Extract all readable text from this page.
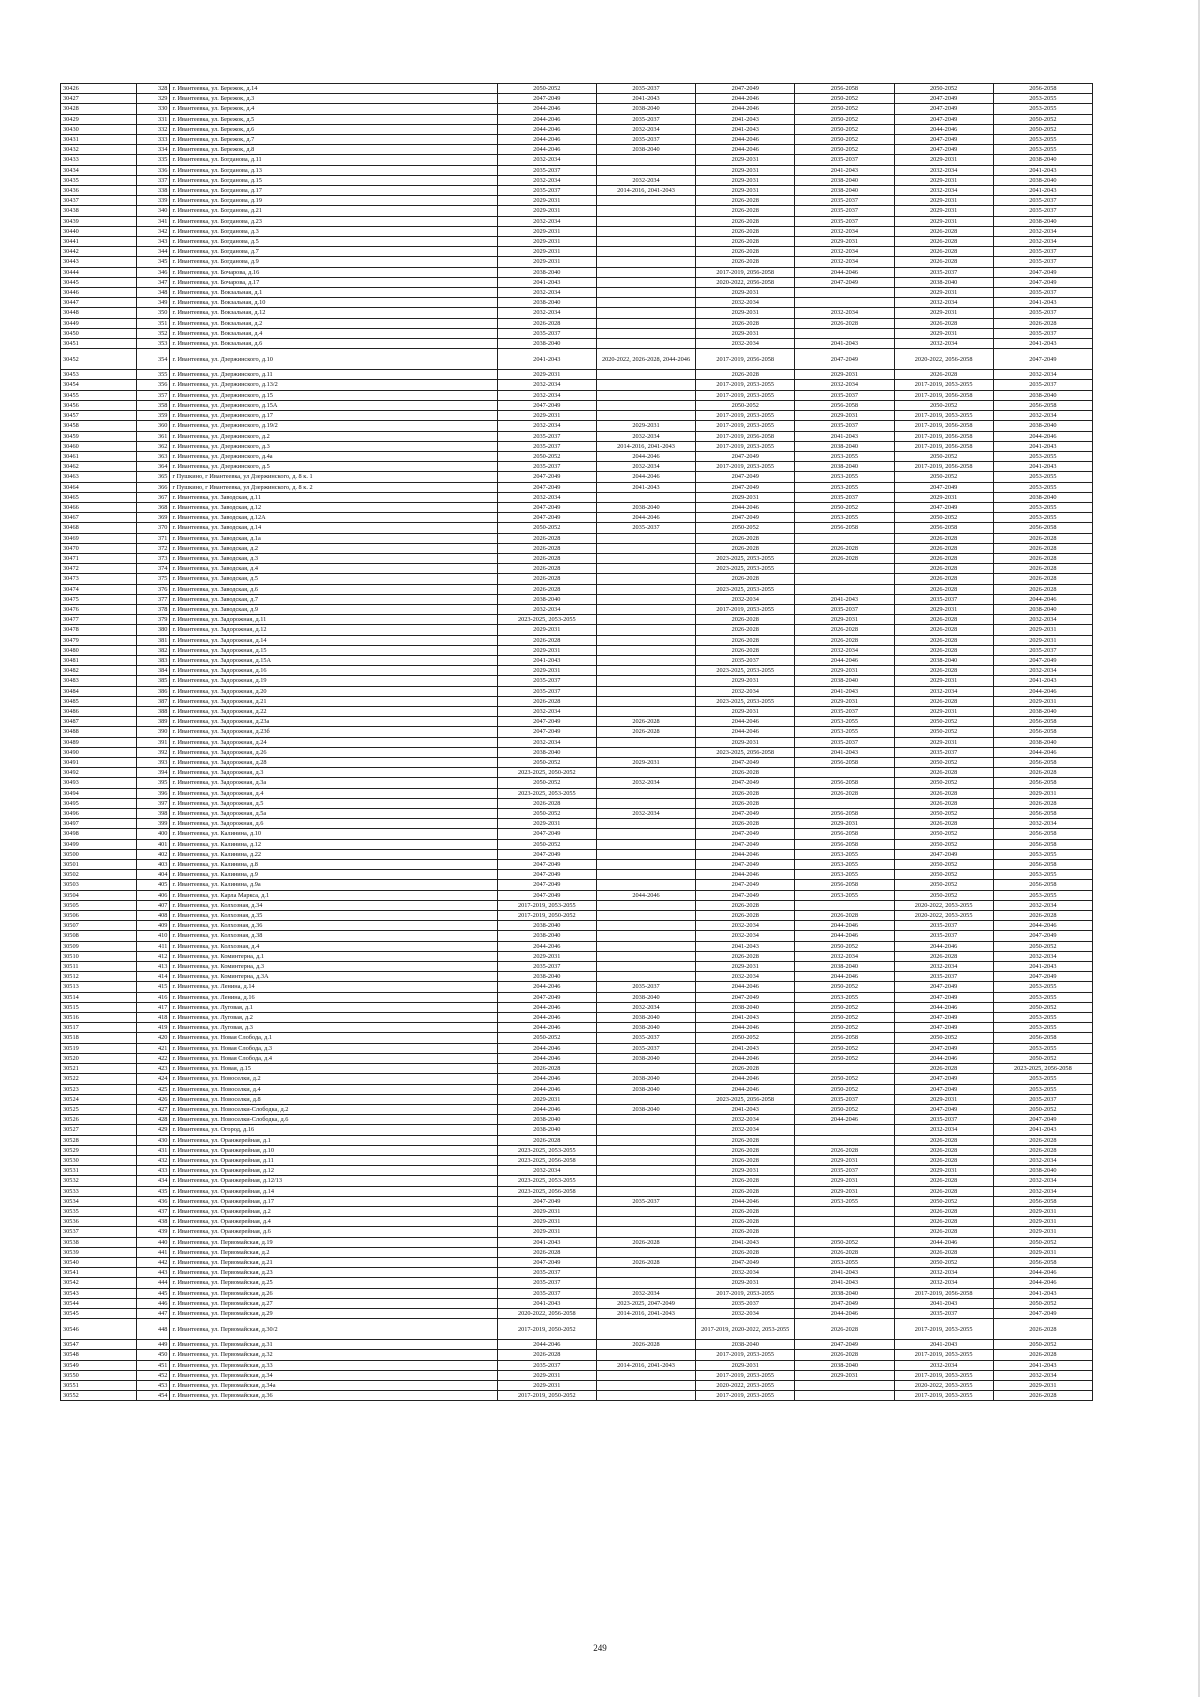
30426	328	г. Ивантеевка, ул. Бережок, д.14	2050-2052	2035-2037	2047-2049	2056-2058	2050-2052	2056-2058
30427	329	г. Ивантеевка, ул. Бережок, д.3	2047-2049	2041-2043	2044-2046	2050-2052	2047-2049	2053-2055
30428	330	г. Ивантеевка, ул. Бережок, д.4	2044-2046	2038-2040	2044-2046	2050-2052	2047-2049	2053-2055
30429	331	г. Ивантеевка, ул. Бережок, д.5	2044-2046	2035-2037	2041-2043	2050-2052	2047-2049	2050-2052
30430	332	г. Ивантеевка, ул. Бережок, д.6	2044-2046	2032-2034	2041-2043	2050-2052	2044-2046	2050-2052
30431	333	г. Ивантеевка, ул. Бережок, д.7	2044-2046	2035-2037	2044-2046	2050-2052	2047-2049	2053-2055
30432	334	г. Ивантеевка, ул. Бережок, д.8	2044-2046	2038-2040	2044-2046	2050-2052	2047-2049	2053-2055
30433	335	г. Ивантеевка, ул. Богданова, д.11	2032-2034		2029-2031	2035-2037	2029-2031	2038-2040
30434	336	г. Ивантеевка, ул. Богданова, д.13	2035-2037		2029-2031	2041-2043	2032-2034	2041-2043
30435	337	г. Ивантеевка, ул. Богданова, д.15	2032-2034	2032-2034	2029-2031	2038-2040	2029-2031	2038-2040
30436	338	г. Ивантеевка, ул. Богданова, д.17	2035-2037	2014-2016, 2041-2043	2029-2031	2038-2040	2032-2034	2041-2043
30437	339	г. Ивантеевка, ул. Богданова, д.19	2029-2031		2026-2028	2035-2037	2029-2031	2035-2037
30438	340	г. Ивантеевка, ул. Богданова, д.21	2029-2031		2026-2028	2035-2037	2029-2031	2035-2037
30439	341	г. Ивантеевка, ул. Богданова, д.23	2032-2034		2026-2028	2035-2037	2029-2031	2038-2040
30440	342	г. Ивантеевка, ул. Богданова, д.3	2029-2031		2026-2028	2032-2034	2026-2028	2032-2034
30441	343	г. Ивантеевка, ул. Богданова, д.5	2029-2031		2026-2028	2029-2031	2026-2028	2032-2034
30442	344	г. Ивантеевка, ул. Богданова, д.7	2029-2031		2026-2028	2032-2034	2026-2028	2035-2037
30443	345	г. Ивантеевка, ул. Богданова, д.9	2029-2031		2026-2028	2032-2034	2026-2028	2035-2037
30444	346	г. Ивантеевка, ул. Бочарова, д.16	2038-2040		2017-2019, 2056-2058	2044-2046	2035-2037	2047-2049
30445	347	г. Ивантеевка, ул. Бочарова, д.17	2041-2043		2020-2022, 2056-2058	2047-2049	2038-2040	2047-2049
30446	348	г. Ивантеевка, ул. Вокзальная, д.1	2032-2034		2029-2031		2029-2031	2035-2037
30447	349	г. Ивантеевка, ул. Вокзальная, д.10	2038-2040		2032-2034		2032-2034	2041-2043
30448	350	г. Ивантеевка, ул. Вокзальная, д.12	2032-2034		2029-2031	2032-2034	2029-2031	2035-2037
30449	351	г. Ивантеевка, ул. Вокзальная, д.2	2026-2028		2026-2028	2026-2028	2026-2028	2026-2028
30450	352	г. Ивантеевка, ул. Вокзальная, д.4	2035-2037		2029-2031		2029-2031	2035-2037
30451	353	г. Ивантеевка, ул. Вокзальная, д.6	2038-2040		2032-2034	2041-2043	2032-2034	2041-2043
30452	354	г. Ивантеевка, ул. Дзержинского, д.10	2041-2043	2020-2022, 2026-2028, 2044-2046	2017-2019, 2056-2058	2047-2049	2020-2022, 2056-2058	2047-2049
30453	355	г. Ивантеевка, ул. Дзержинского, д.11	2029-2031		2026-2028	2029-2031	2026-2028	2032-2034
30454	356	г. Ивантеевка, ул. Дзержинского, д.13/2	2032-2034		2017-2019, 2053-2055	2032-2034	2017-2019, 2053-2055	2035-2037
30455	357	г. Ивантеевка, ул. Дзержинского, д.15	2032-2034		2017-2019, 2053-2055	2035-2037	2017-2019, 2056-2058	2038-2040
30456	358	г. Ивантеевка, ул. Дзержинского, д.15А	2047-2049		2050-2052	2056-2058	2050-2052	2056-2058
30457	359	г. Ивантеевка, ул. Дзержинского, д.17	2029-2031		2017-2019, 2053-2055	2029-2031	2017-2019, 2053-2055	2032-2034
30458	360	г. Ивантеевка, ул. Дзержинского, д.19/2	2032-2034	2029-2031	2017-2019, 2053-2055	2035-2037	2017-2019, 2056-2058	2038-2040
30459	361	г. Ивантеевка, ул. Дзержинского, д.2	2035-2037	2032-2034	2017-2019, 2056-2058	2041-2043	2017-2019, 2056-2058	2044-2046
30460	362	г. Ивантеевка, ул. Дзержинского, д.3	2035-2037	2014-2016, 2041-2043	2017-2019, 2053-2055	2038-2040	2017-2019, 2056-2058	2041-2043
30461	363	г. Ивантеевка, ул. Дзержинского, д.4а	2050-2052	2044-2046	2047-2049	2053-2055	2050-2052	2053-2055
30462	364	г. Ивантеевка, ул. Дзержинского, д.5	2035-2037	2032-2034	2017-2019, 2053-2055	2038-2040	2017-2019, 2056-2058	2041-2043
30463	365	г Пушкино, г Ивантеевка, ул Дзержинского, д. 8 к. 1	2047-2049	2044-2046	2047-2049	2053-2055	2050-2052	2053-2055
30464	366	г Пушкино, г Ивантеевка, ул Дзержинского, д. 8 к. 2	2047-2049	2041-2043	2047-2049	2053-2055	2047-2049	2053-2055
30465	367	г. Ивантеевка, ул. Заводская, д.11	2032-2034		2029-2031	2035-2037	2029-2031	2038-2040
30466	368	г. Ивантеевка, ул. Заводская, д.12	2047-2049	2038-2040	2044-2046	2050-2052	2047-2049	2053-2055
30467	369	г. Ивантеевка, ул. Заводская, д.12А	2047-2049	2044-2046	2047-2049	2053-2055	2050-2052	2053-2055
30468	370	г. Ивантеевка, ул. Заводская, д.14	2050-2052	2035-2037	2050-2052	2056-2058	2056-2058	2056-2058
30469	371	г. Ивантеевка, ул. Заводская, д.1а	2026-2028		2026-2028		2026-2028	2026-2028
30470	372	г. Ивантеевка, ул. Заводская, д.2	2026-2028		2026-2028	2026-2028	2026-2028	2026-2028
30471	373	г. Ивантеевка, ул. Заводская, д.3	2026-2028		2023-2025, 2053-2055	2026-2028	2026-2028	2026-2028
30472	374	г. Ивантеевка, ул. Заводская, д.4	2026-2028		2023-2025, 2053-2055		2026-2028	2026-2028
30473	375	г. Ивантеевка, ул. Заводская, д.5	2026-2028		2026-2028		2026-2028	2026-2028
30474	376	г. Ивантеевка, ул. Заводская, д.6	2026-2028		2023-2025, 2053-2055		2026-2028	2026-2028
30475	377	г. Ивантеевка, ул. Заводская, д.7	2038-2040		2032-2034	2041-2043	2035-2037	2044-2046
30476	378	г. Ивантеевка, ул. Заводская, д.9	2032-2034		2017-2019, 2053-2055	2035-2037	2029-2031	2038-2040
30477	379	г. Ивантеевка, ул. Задорожная, д.11	2023-2025, 2053-2055		2026-2028	2029-2031	2026-2028	2032-2034
30478	380	г. Ивантеевка, ул. Задорожная, д.12	2029-2031		2026-2028	2026-2028	2026-2028	2029-2031
30479	381	г. Ивантеевка, ул. Задорожная, д.14	2026-2028		2026-2028	2026-2028	2026-2028	2029-2031
30480	382	г. Ивантеевка, ул. Задорожная, д.15	2029-2031		2026-2028	2032-2034	2026-2028	2035-2037
30481	383	г. Ивантеевка, ул. Задорожная, д.15А	2041-2043		2035-2037	2044-2046	2038-2040	2047-2049
30482	384	г. Ивантеевка, ул. Задорожная, д.16	2029-2031		2023-2025, 2053-2055	2029-2031	2026-2028	2032-2034
30483	385	г. Ивантеевка, ул. Задорожная, д.19	2035-2037		2029-2031	2038-2040	2029-2031	2041-2043
30484	386	г. Ивантеевка, ул. Задорожная, д.20	2035-2037		2032-2034	2041-2043	2032-2034	2044-2046
30485	387	г. Ивантеевка, ул. Задорожная, д.21	2026-2028		2023-2025, 2053-2055	2029-2031	2026-2028	2029-2031
30486	388	г. Ивантеевка, ул. Задорожная, д.22	2032-2034		2029-2031	2035-2037	2029-2031	2038-2040
30487	389	г. Ивантеевка, ул. Задорожная, д.23а	2047-2049	2026-2028	2044-2046	2053-2055	2050-2052	2056-2058
30488	390	г. Ивантеевка, ул. Задорожная, д.23б	2047-2049	2026-2028	2044-2046	2053-2055	2050-2052	2056-2058
30489	391	г. Ивантеевка, ул. Задорожная, д.24	2032-2034		2029-2031	2035-2037	2029-2031	2038-2040
30490	392	г. Ивантеевка, ул. Задорожная, д.26	2038-2040		2023-2025, 2056-2058	2041-2043	2035-2037	2044-2046
30491	393	г. Ивантеевка, ул. Задорожная, д.28	2050-2052	2029-2031	2047-2049	2056-2058	2050-2052	2056-2058
30492	394	г. Ивантеевка, ул. Задорожная, д.3	2023-2025, 2050-2052		2026-2028		2026-2028	2026-2028
30493	395	г. Ивантеевка, ул. Задорожная, д.3а	2050-2052	2032-2034	2047-2049	2056-2058	2050-2052	2056-2058
30494	396	г. Ивантеевка, ул. Задорожная, д.4	2023-2025, 2053-2055		2026-2028	2026-2028	2026-2028	2029-2031
30495	397	г. Ивантеевка, ул. Задорожная, д.5	2026-2028		2026-2028		2026-2028	2026-2028
30496	398	г. Ивантеевка, ул. Задорожная, д.5а	2050-2052	2032-2034	2047-2049	2056-2058	2050-2052	2056-2058
30497	399	г. Ивантеевка, ул. Задорожная, д.6	2029-2031		2026-2028	2029-2031	2026-2028	2032-2034
30498	400	г. Ивантеевка, ул. Калинина, д.10	2047-2049		2047-2049	2056-2058	2050-2052	2056-2058
30499	401	г. Ивантеевка, ул. Калинина, д.12	2050-2052		2047-2049	2056-2058	2050-2052	2056-2058
30500	402	г. Ивантеевка, ул. Калинина, д.22	2047-2049		2044-2046	2053-2055	2047-2049	2053-2055
30501	403	г. Ивантеевка, ул. Калинина, д.8	2047-2049		2047-2049	2053-2055	2050-2052	2056-2058
30502	404	г. Ивантеевка, ул. Калинина, д.9	2047-2049		2044-2046	2053-2055	2050-2052	2053-2055
30503	405	г. Ивантеевка, ул. Калинина, д.9а	2047-2049		2047-2049	2056-2058	2050-2052	2056-2058
30504	406	г. Ивантеевка, ул. Карла Маркса, д.1	2047-2049	2044-2046	2047-2049	2053-2055	2050-2052	2053-2055
30505	407	г. Ивантеевка, ул. Колхозная, д.34	2017-2019, 2053-2055		2026-2028		2020-2022, 2053-2055	2032-2034
30506	408	г. Ивантеевка, ул. Колхозная, д.35	2017-2019, 2050-2052		2026-2028	2026-2028	2020-2022, 2053-2055	2026-2028
30507	409	г. Ивантеевка, ул. Колхозная, д.36	2038-2040		2032-2034	2044-2046	2035-2037	2044-2046
30508	410	г. Ивантеевка, ул. Колхозная, д.38	2038-2040		2032-2034	2044-2046	2035-2037	2047-2049
30509	411	г. Ивантеевка, ул. Колхозная, д.4	2044-2046		2041-2043	2050-2052	2044-2046	2050-2052
30510	412	г. Ивантеевка, ул. Коминтерна, д.1	2029-2031		2026-2028	2032-2034	2026-2028	2032-2034
30511	413	г. Ивантеевка, ул. Коминтерна, д.3	2035-2037		2029-2031	2038-2040	2032-2034	2041-2043
30512	414	г. Ивантеевка, ул. Коминтерна, д.3А	2038-2040		2032-2034	2044-2046	2035-2037	2047-2049
30513	415	г. Ивантеевка, ул. Ленина, д.14	2044-2046	2035-2037	2044-2046	2050-2052	2047-2049	2053-2055
30514	416	г. Ивантеевка, ул. Ленина, д.16	2047-2049	2038-2040	2047-2049	2053-2055	2047-2049	2053-2055
30515	417	г. Ивантеевка, ул. Луговая, д.1	2044-2046	2032-2034	2038-2040	2050-2052	2044-2046	2050-2052
30516	418	г. Ивантеевка, ул. Луговая, д.2	2044-2046	2038-2040	2041-2043	2050-2052	2047-2049	2053-2055
30517	419	г. Ивантеевка, ул. Луговая, д.3	2044-2046	2038-2040	2044-2046	2050-2052	2047-2049	2053-2055
30518	420	г. Ивантеевка, ул. Новая Слобода, д.1	2050-2052	2035-2037	2050-2052	2056-2058	2050-2052	2056-2058
30519	421	г. Ивантеевка, ул. Новая Слобода, д.3	2044-2046	2035-2037	2041-2043	2050-2052	2047-2049	2053-2055
30520	422	г. Ивантеевка, ул. Новая Слобода, д.4	2044-2046	2038-2040	2044-2046	2050-2052	2044-2046	2050-2052
30521	423	г. Ивантеевка, ул. Новая, д.15	2026-2028		2026-2028		2026-2028	2023-2025, 2056-2058
30522	424	г. Ивантеевка, ул. Новоселки, д.2	2044-2046	2038-2040	2044-2046	2050-2052	2047-2049	2053-2055
30523	425	г. Ивантеевка, ул. Новоселки, д.4	2044-2046	2038-2040	2044-2046	2050-2052	2047-2049	2053-2055
30524	426	г. Ивантеевка, ул. Новоселки, д.8	2029-2031		2023-2025, 2056-2058	2035-2037	2029-2031	2035-2037
30525	427	г. Ивантеевка, ул. Новоселки-Слободка, д.2	2044-2046	2038-2040	2041-2043	2050-2052	2047-2049	2050-2052
30526	428	г. Ивантеевка, ул. Новоселки-Слободка, д.6	2038-2040		2032-2034	2044-2046	2035-2037	2047-2049
30527	429	г. Ивантеевка, ул. Огород, д.16	2038-2040		2032-2034		2032-2034	2041-2043
30528	430	г. Ивантеевка, ул. Оранжерейная, д.1	2026-2028		2026-2028		2026-2028	2026-2028
30529	431	г. Ивантеевка, ул. Оранжерейная, д.10	2023-2025, 2053-2055		2026-2028	2026-2028	2026-2028	2026-2028
30530	432	г. Ивантеевка, ул. Оранжерейная, д.11	2023-2025, 2056-2058		2026-2028	2029-2031	2026-2028	2032-2034
30531	433	г. Ивантеевка, ул. Оранжерейная, д.12	2032-2034		2029-2031	2035-2037	2029-2031	2038-2040
30532	434	г. Ивантеевка, ул. Оранжерейная, д.12/13	2023-2025, 2053-2055		2026-2028	2029-2031	2026-2028	2032-2034
30533	435	г. Ивантеевка, ул. Оранжерейная, д.14	2023-2025, 2056-2058		2026-2028	2029-2031	2026-2028	2032-2034
30534	436	г. Ивантеевка, ул. Оранжерейная, д.17	2047-2049	2035-2037	2044-2046	2053-2055	2050-2052	2056-2058
30535	437	г. Ивантеевка, ул. Оранжерейная, д.2	2029-2031		2026-2028		2026-2028	2029-2031
30536	438	г. Ивантеевка, ул. Оранжерейная, д.4	2029-2031		2026-2028		2026-2028	2029-2031
30537	439	г. Ивантеевка, ул. Оранжерейная, д.6	2029-2031		2026-2028		2026-2028	2029-2031
30538	440	г. Ивантеевка, ул. Первомайская, д.19	2041-2043	2026-2028	2041-2043	2050-2052	2044-2046	2050-2052
30539	441	г. Ивантеевка, ул. Первомайская, д.2	2026-2028		2026-2028	2026-2028	2026-2028	2029-2031
30540	442	г. Ивантеевка, ул. Первомайская, д.21	2047-2049	2026-2028	2047-2049	2053-2055	2050-2052	2056-2058
30541	443	г. Ивантеевка, ул. Первомайская, д.23	2035-2037		2032-2034	2041-2043	2032-2034	2044-2046
30542	444	г. Ивантеевка, ул. Первомайская, д.25	2035-2037		2029-2031	2041-2043	2032-2034	2044-2046
30543	445	г. Ивантеевка, ул. Первомайская, д.26	2035-2037	2032-2034	2017-2019, 2053-2055	2038-2040	2017-2019, 2056-2058	2041-2043
30544	446	г. Ивантеевка, ул. Первомайская, д.27	2041-2043	2023-2025, 2047-2049	2035-2037	2047-2049	2041-2043	2050-2052
30545	447	г. Ивантеевка, ул. Первомайская, д.29	2020-2022, 2056-2058	2014-2016, 2041-2043	2032-2034	2044-2046	2035-2037	2047-2049
30546	448	г. Ивантеевка, ул. Первомайская, д.30/2	2017-2019, 2050-2052		2017-2019, 2020-2022, 2053-2055	2026-2028	2017-2019, 2053-2055	2026-2028
30547	449	г. Ивантеевка, ул. Первомайская, д.31	2044-2046	2026-2028	2038-2040	2047-2049	2041-2043	2050-2052
30548	450	г. Ивантеевка, ул. Первомайская, д.32	2026-2028		2017-2019, 2053-2055	2026-2028	2017-2019, 2053-2055	2026-2028
30549	451	г. Ивантеевка, ул. Первомайская, д.33	2035-2037	2014-2016, 2041-2043	2029-2031	2038-2040	2032-2034	2041-2043
30550	452	г. Ивантеевка, ул. Первомайская, д.34	2029-2031		2017-2019, 2053-2055	2029-2031	2017-2019, 2053-2055	2032-2034
30551	453	г. Ивантеевка, ул. Первомайская, д.34а	2029-2031		2020-2022, 2053-2055		2020-2022, 2053-2055	2029-2031
30552	454	г. Ивантеевка, ул. Первомайская, д.36	2017-2019, 2050-2052		2017-2019, 2053-2055		2017-2019, 2053-2055	2026-2028
249
